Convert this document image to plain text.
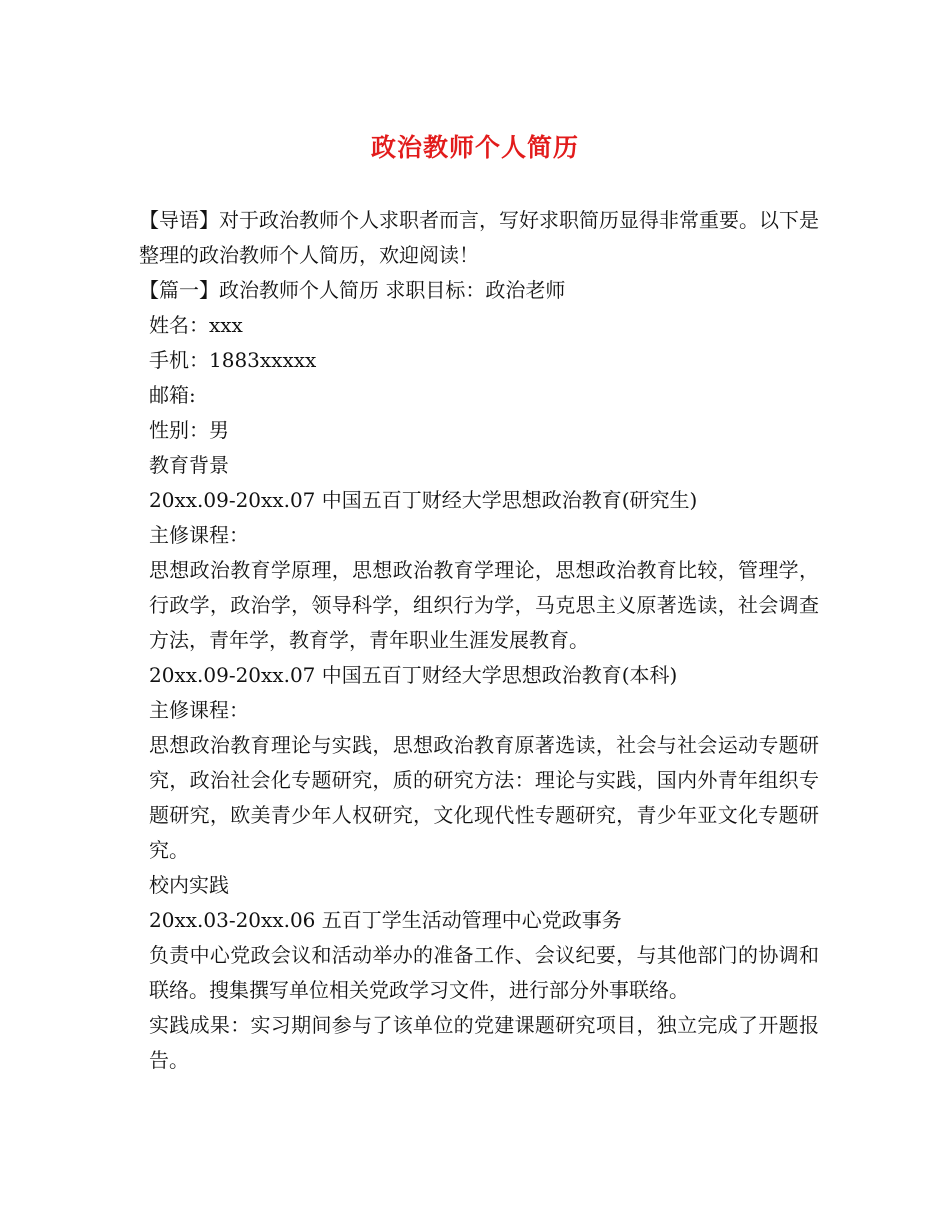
政治教师个人简历

【导语】对于政治教师个人求职者而言，写好求职简历显得非常重要。以下是整理的政治教师个人简历，欢迎阅读！

【篇一】政治教师个人简历 求职目标：政治老师

姓名：xxx

手机：1883xxxxx

邮箱:

性别：男

教育背景

20xx.09-20xx.07 中国五百丁财经大学思想政治教育(研究生)

主修课程：

思想政治教育学原理，思想政治教育学理论，思想政治教育比较，管理学，行政学，政治学，领导科学，组织行为学，马克思主义原著选读，社会调查方法，青年学，教育学，青年职业生涯发展教育。

20xx.09-20xx.07 中国五百丁财经大学思想政治教育(本科)

主修课程：

思想政治教育理论与实践，思想政治教育原著选读，社会与社会运动专题研究，政治社会化专题研究，质的研究方法：理论与实践，国内外青年组织专题研究，欧美青少年人权研究，文化现代性专题研究，青少年亚文化专题研究。

校内实践

20xx.03-20xx.06 五百丁学生活动管理中心党政事务

负责中心党政会议和活动举办的准备工作、会议纪要，与其他部门的协调和联络。搜集撰写单位相关党政学习文件，进行部分外事联络。

实践成果：实习期间参与了该单位的党建课题研究项目，独立完成了开题报告。
